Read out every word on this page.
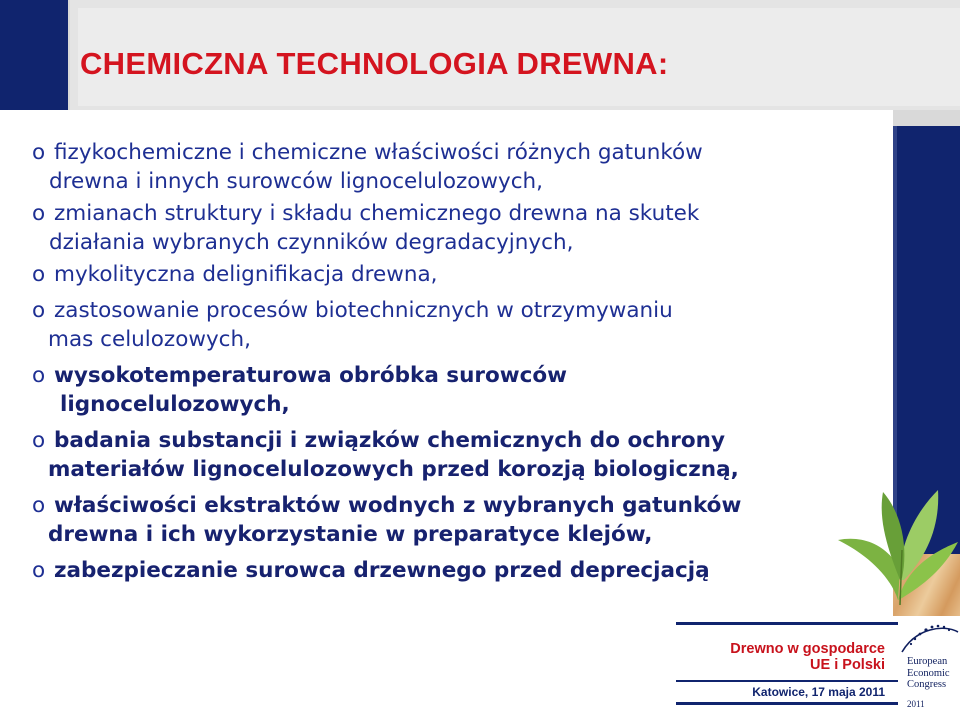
CHEMICZNA TECHNOLOGIA DREWNA:
o fizykochemiczne i chemiczne właściwości różnych gatunków
drewna i innych surowców lignocelulozowych,
o zmianach struktury i składu chemicznego drewna na skutek
działania wybranych czynników degradacyjnych,
o mykolityczna delignifikacja drewna,
o zastosowanie procesów biotechnicznych w otrzymywaniu
mas celulozowych,
o wysokotemperaturowa obróbka surowców
lignocelulozowych,
o badania substancji i związków chemicznych do ochrony
materiałów lignocelulozowych przed korozją biologiczną,
o właściwości ekstraktów wodnych z wybranych gatunków
drewna i ich wykorzystanie w preparatyce klejów,
o zabezpieczanie surowca drzewnego przed deprecjacją
Drewno w gospodarce
UE i Polski
Katowice, 17 maja 2011
European
Economic
Congress
2011
